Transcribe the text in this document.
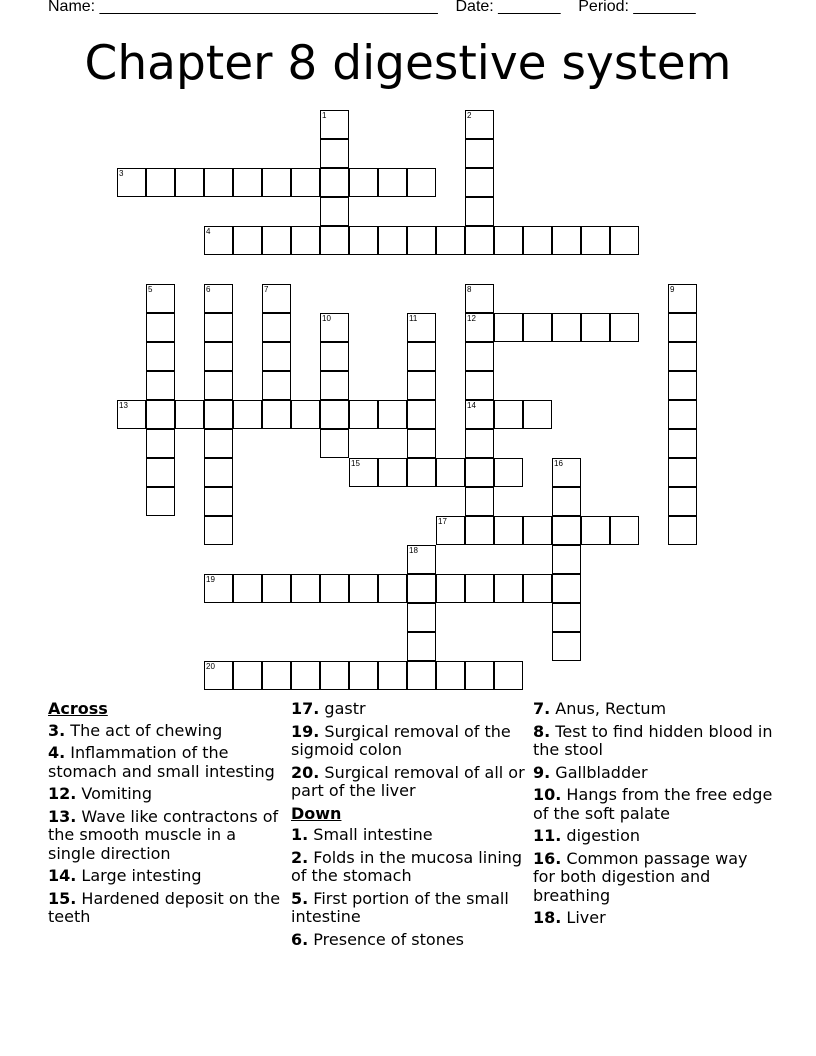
Name: ______________________________________    Date: _______    Period: _______
Chapter 8 digestive system
3
4
12
13	14
15
17
19
20
1	2
5	6	7	8	9
10	11
16
18
Across
3. The act of chewing
4. Inflammation of the stomach and small intesting
12. Vomiting
13. Wave like contractons of the smooth muscle in a single direction
14. Large intesting
15. Hardened deposit on the teeth
17. gastr
19. Surgical removal of the sigmoid colon
20. Surgical removal of all or part of the liver
Down
1. Small intestine
2. Folds in the mucosa lining of the stomach
5. First portion of the small intestine
6. Presence of stones
7. Anus, Rectum
8. Test to find hidden blood in the stool
9. Gallbladder
10. Hangs from the free edge of the soft palate
11. digestion
16. Common passage way for both digestion and breathing
18. Liver
